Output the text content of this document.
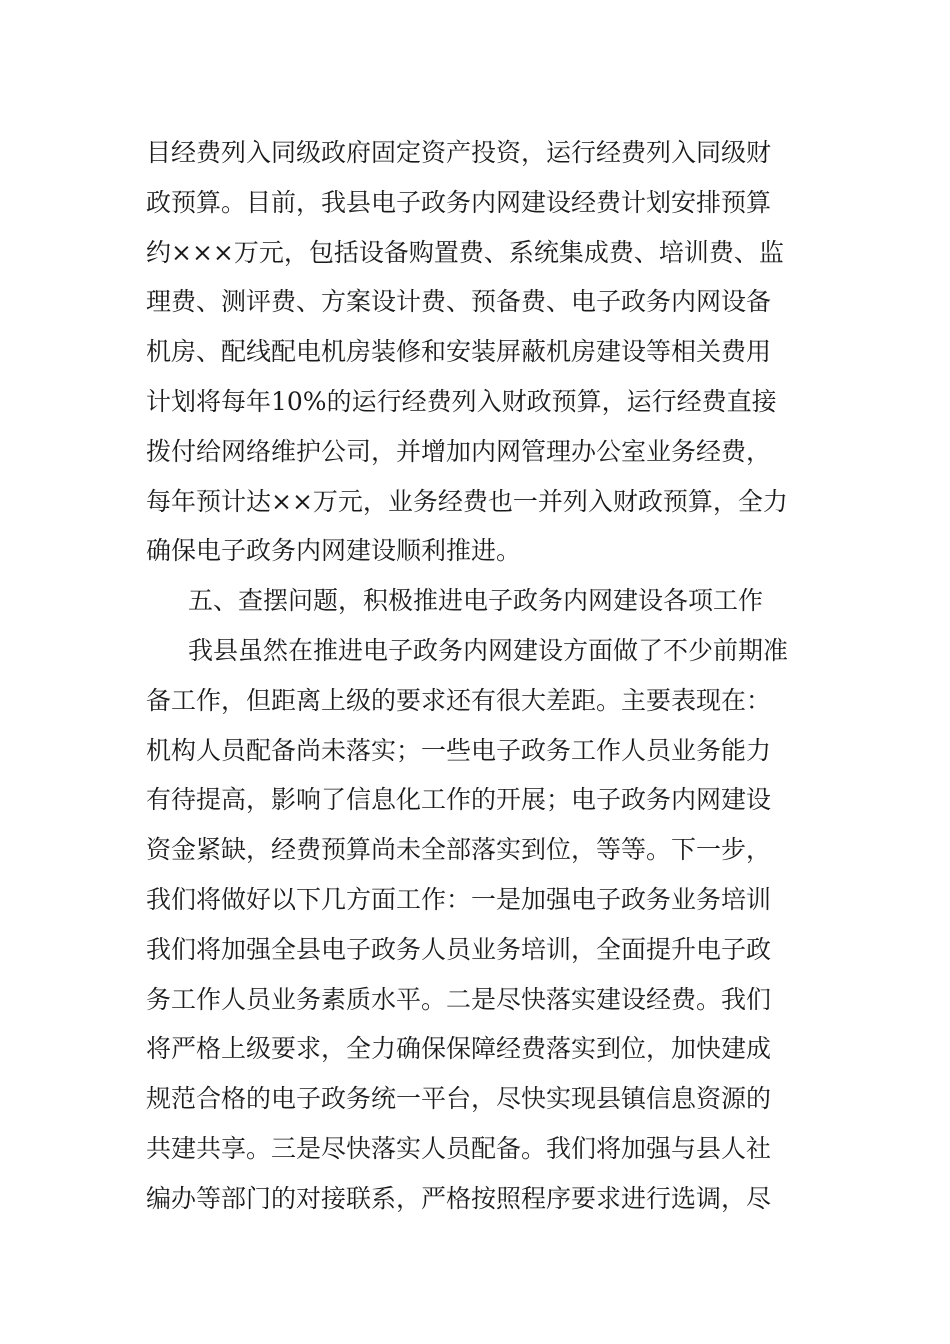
目经费列入同级政府固定资产投资，运行经费列入同级财
政预算。目前，我县电子政务内网建设经费计划安排预算
约×××万元，包括设备购置费、系统集成费、培训费、监
理费、测评费、方案设计费、预备费、电子政务内网设备
机房、配线配电机房装修和安装屏蔽机房建设等相关费用
计划将每年10%的运行经费列入财政预算，运行经费直接
拨付给网络维护公司，并增加内网管理办公室业务经费，
每年预计达××万元，业务经费也一并列入财政预算，全力
确保电子政务内网建设顺利推进。
五、查摆问题，积极推进电子政务内网建设各项工作
我县虽然在推进电子政务内网建设方面做了不少前期准
备工作，但距离上级的要求还有很大差距。主要表现在：
机构人员配备尚未落实；一些电子政务工作人员业务能力
有待提高，影响了信息化工作的开展；电子政务内网建设
资金紧缺，经费预算尚未全部落实到位，等等。下一步，
我们将做好以下几方面工作：一是加强电子政务业务培训
我们将加强全县电子政务人员业务培训，全面提升电子政
务工作人员业务素质水平。二是尽快落实建设经费。我们
将严格上级要求，全力确保保障经费落实到位，加快建成
规范合格的电子政务统一平台，尽快实现县镇信息资源的
共建共享。三是尽快落实人员配备。我们将加强与县人社
编办等部门的对接联系，严格按照程序要求进行选调，尽
